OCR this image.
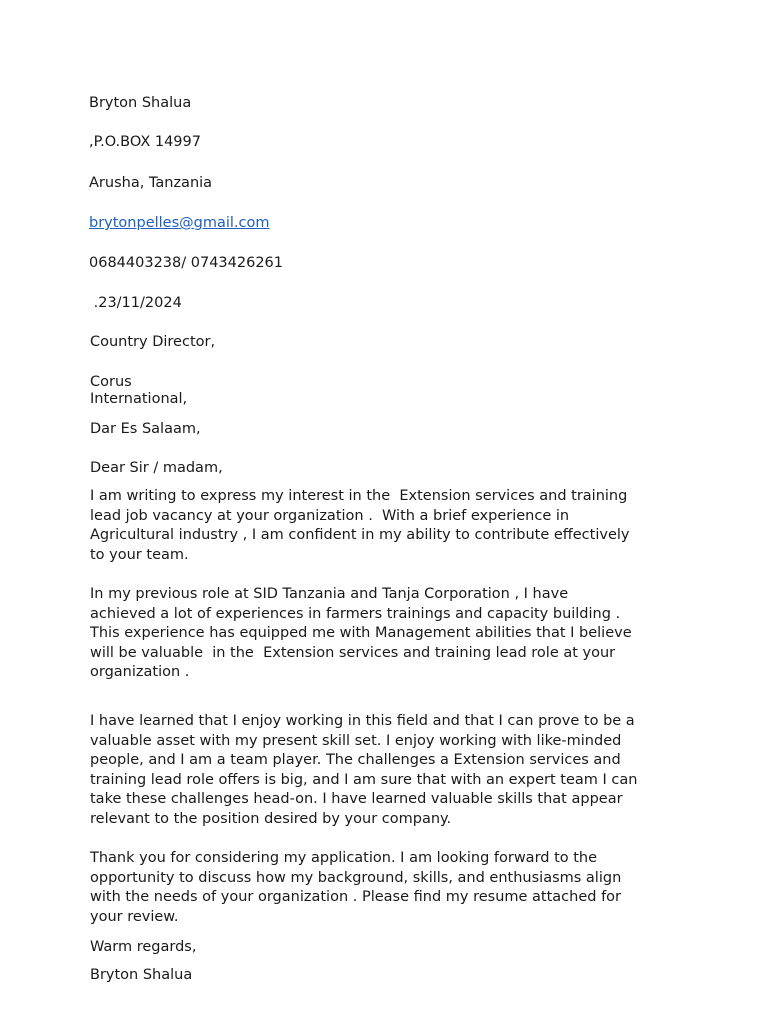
Bryton Shalua
,P.O.BOX 14997
Arusha, Tanzania
brytonpelles@gmail.com
0684403238/ 0743426261
.23/11/2024
Country Director,
Corus
International,
Dar Es Salaam,
Dear Sir / madam,
I am writing to express my interest in the  Extension services and training
lead job vacancy at your organization .  With a brief experience in
Agricultural industry , I am confident in my ability to contribute effectively
to your team.
In my previous role at SID Tanzania and Tanja Corporation , I have
achieved a lot of experiences in farmers trainings and capacity building .
This experience has equipped me with Management abilities that I believe
will be valuable  in the  Extension services and training lead role at your
organization .
I have learned that I enjoy working in this field and that I can prove to be a
valuable asset with my present skill set. I enjoy working with like-minded
people, and I am a team player. The challenges a Extension services and
training lead role offers is big, and I am sure that with an expert team I can
take these challenges head-on. I have learned valuable skills that appear
relevant to the position desired by your company.
Thank you for considering my application. I am looking forward to the
opportunity to discuss how my background, skills, and enthusiasms align
with the needs of your organization . Please find my resume attached for
your review.
Warm regards,
Bryton Shalua
